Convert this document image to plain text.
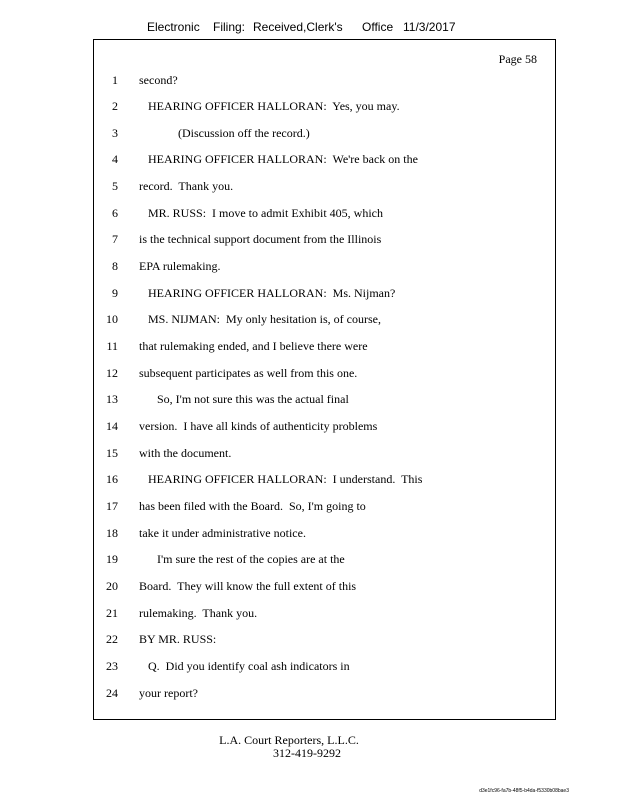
Electronic Filing: Received,Clerk's Office 11/3/2017
Page 58
1 second?
2 HEARING OFFICER HALLORAN:  Yes, you may.
3 (Discussion off the record.)
4 HEARING OFFICER HALLORAN:  We're back on the
5 record.  Thank you.
6 MR. RUSS:  I move to admit Exhibit 405, which
7 is the technical support document from the Illinois
8 EPA rulemaking.
9 HEARING OFFICER HALLORAN:  Ms. Nijman?
10 MS. NIJMAN:  My only hesitation is, of course,
11 that rulemaking ended, and I believe there were
12 subsequent participates as well from this one.
13 So, I'm not sure this was the actual final
14 version.  I have all kinds of authenticity problems
15 with the document.
16 HEARING OFFICER HALLORAN:  I understand.  This
17 has been filed with the Board.  So, I'm going to
18 take it under administrative notice.
19 I'm sure the rest of the copies are at the
20 Board.  They will know the full extent of this
21 rulemaking.  Thank you.
22 BY MR. RUSS:
23 Q.  Did you identify coal ash indicators in
24 your report?
L.A. Court Reporters, L.L.C.
312-419-9292
d3e1fc96-fa7b-48f5-b4da-f5330b08bae3
